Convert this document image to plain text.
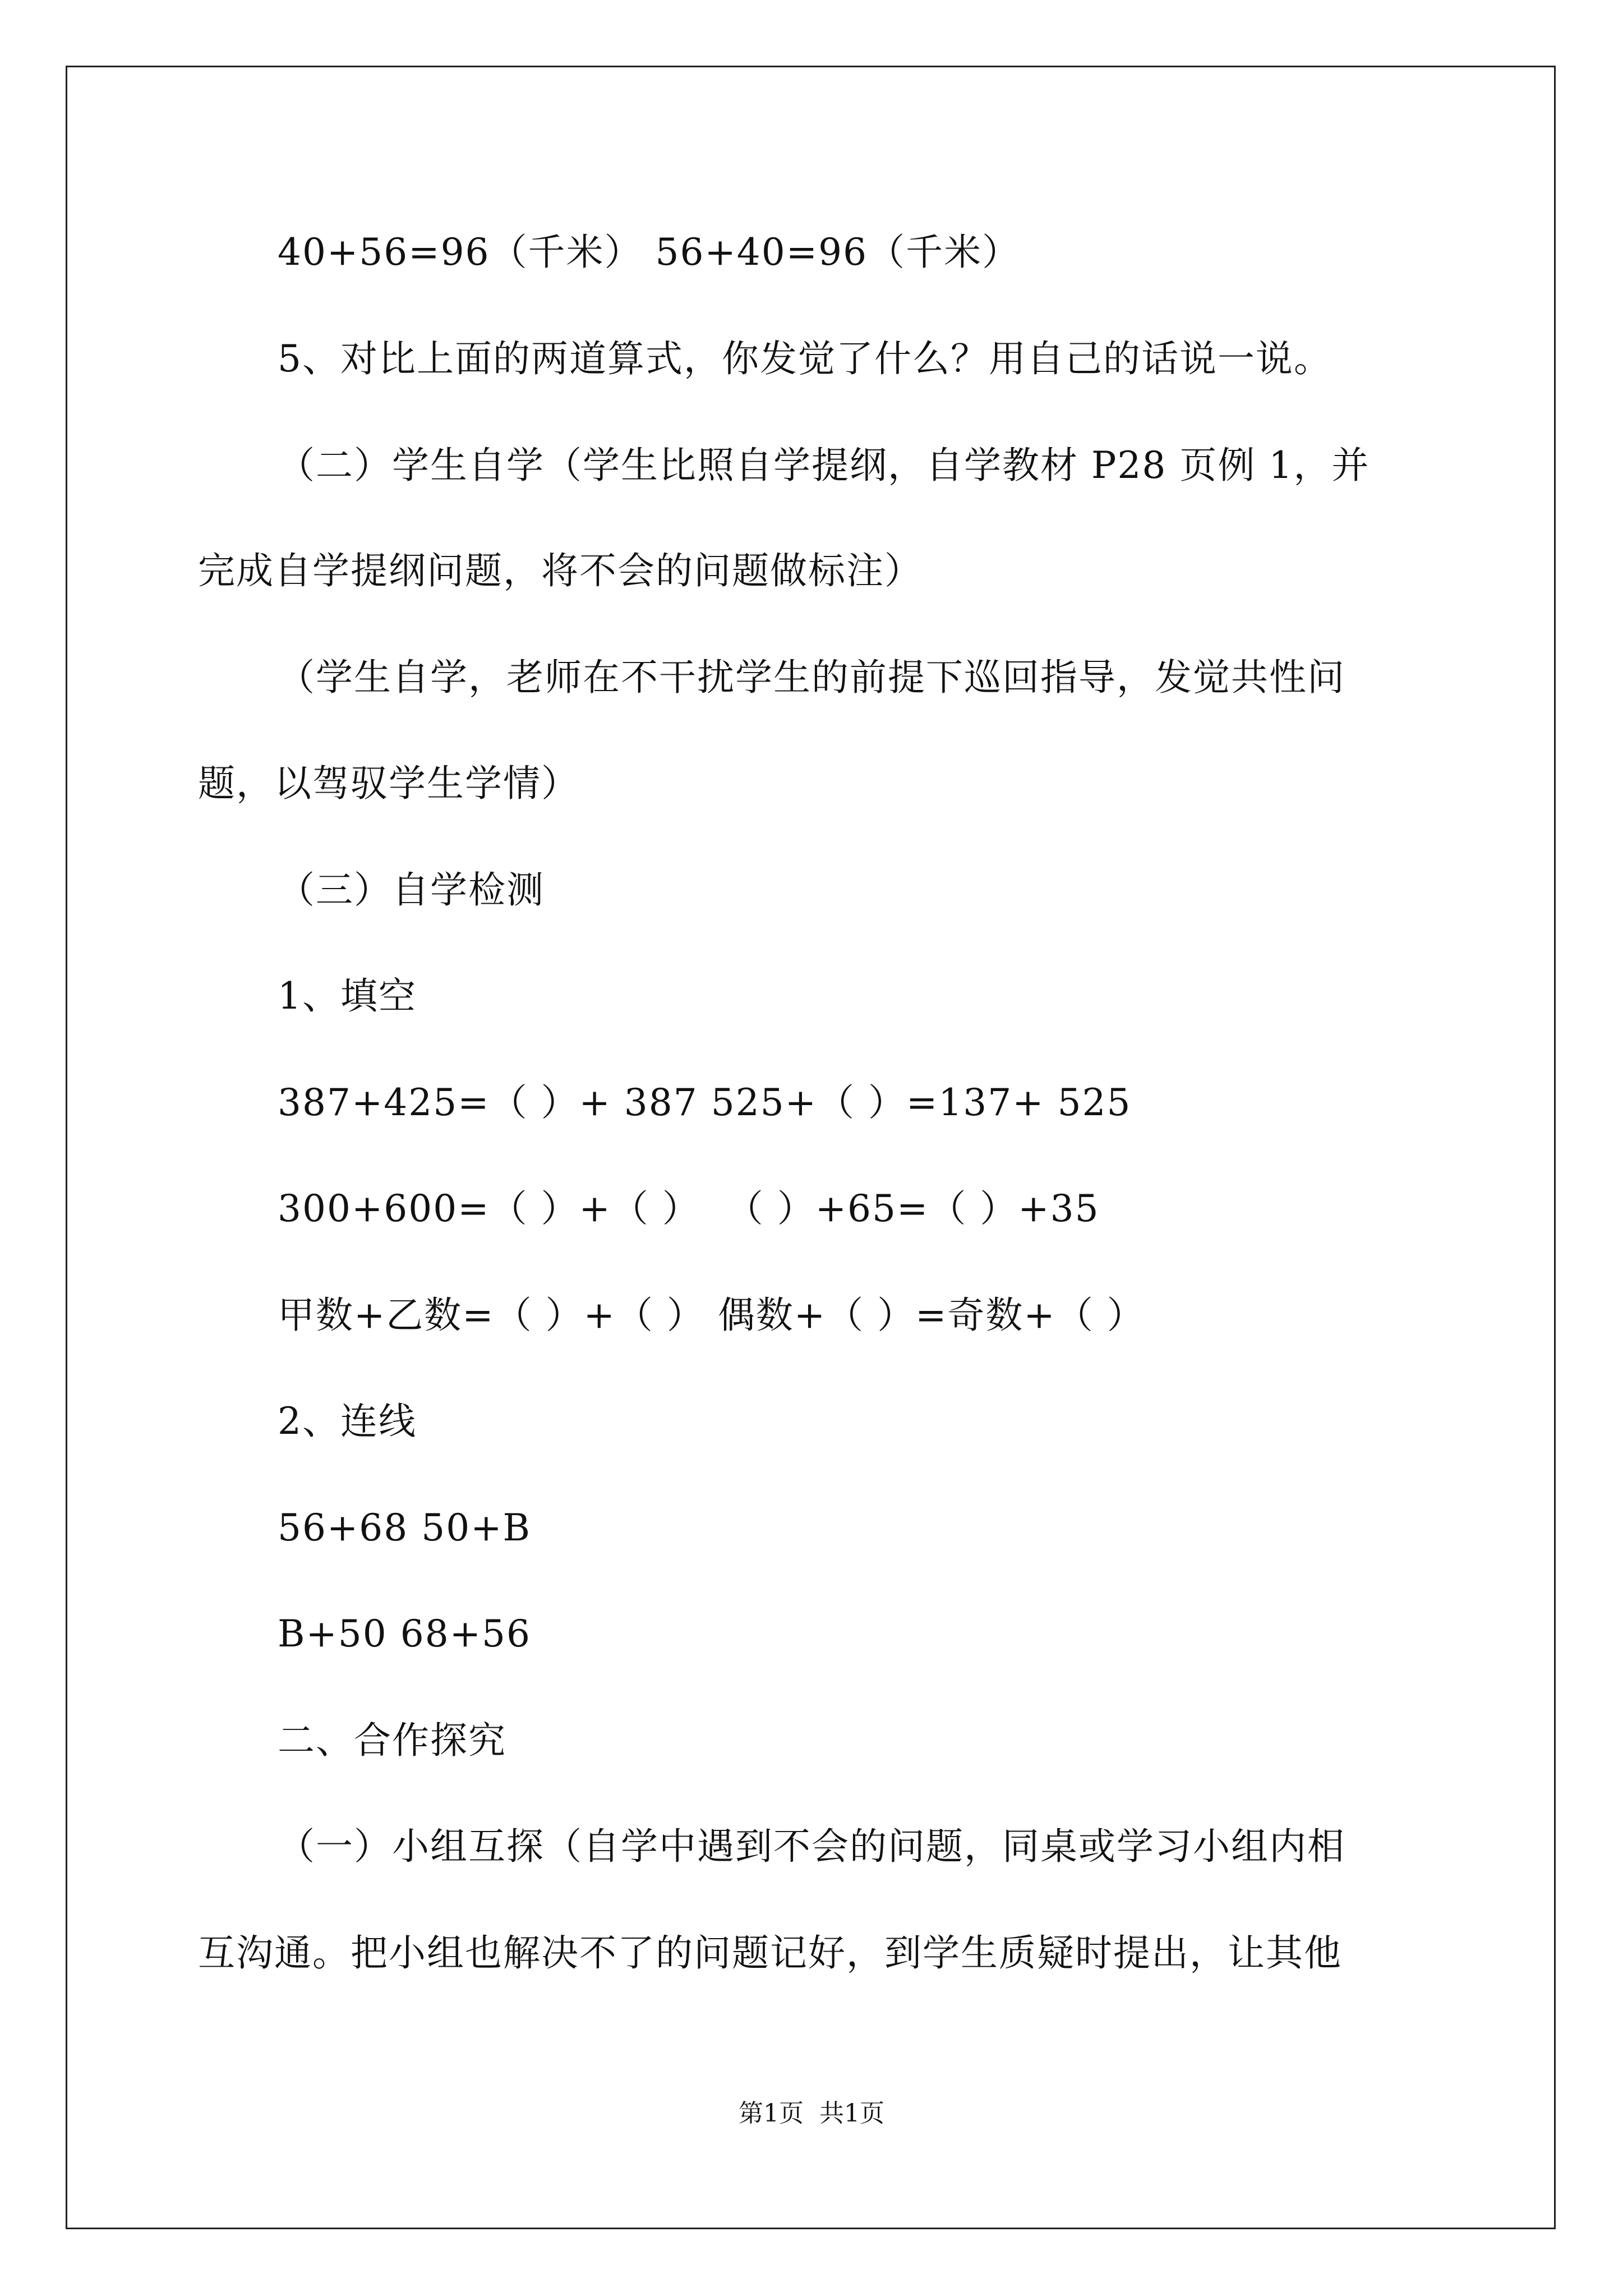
40+56=96（千米） 56+40=96（千米）
5、对比上面的两道算式，你发觉了什么？用自己的话说一说。
（二）学生自学（学生比照自学提纲，自学教材 P28 页例 1，并
完成自学提纲问题，将不会的问题做标注）
（学生自学，老师在不干扰学生的前提下巡回指导，发觉共性问
题，以驾驭学生学情）
（三）自学检测
1、填空
387+425=（ ）+ 387 525+（ ）=137+ 525
300+600=（ ）+（ ）  （ ）+65=（ ）+35
甲数+乙数=（ ）+（ ） 偶数+（ ）=奇数+（ ）
2、连线
56+68 50+B
B+50 68+56
二、合作探究
（一）小组互探（自学中遇到不会的问题，同桌或学习小组内相
互沟通。把小组也解决不了的问题记好，到学生质疑时提出，让其他
第1页  共1页
